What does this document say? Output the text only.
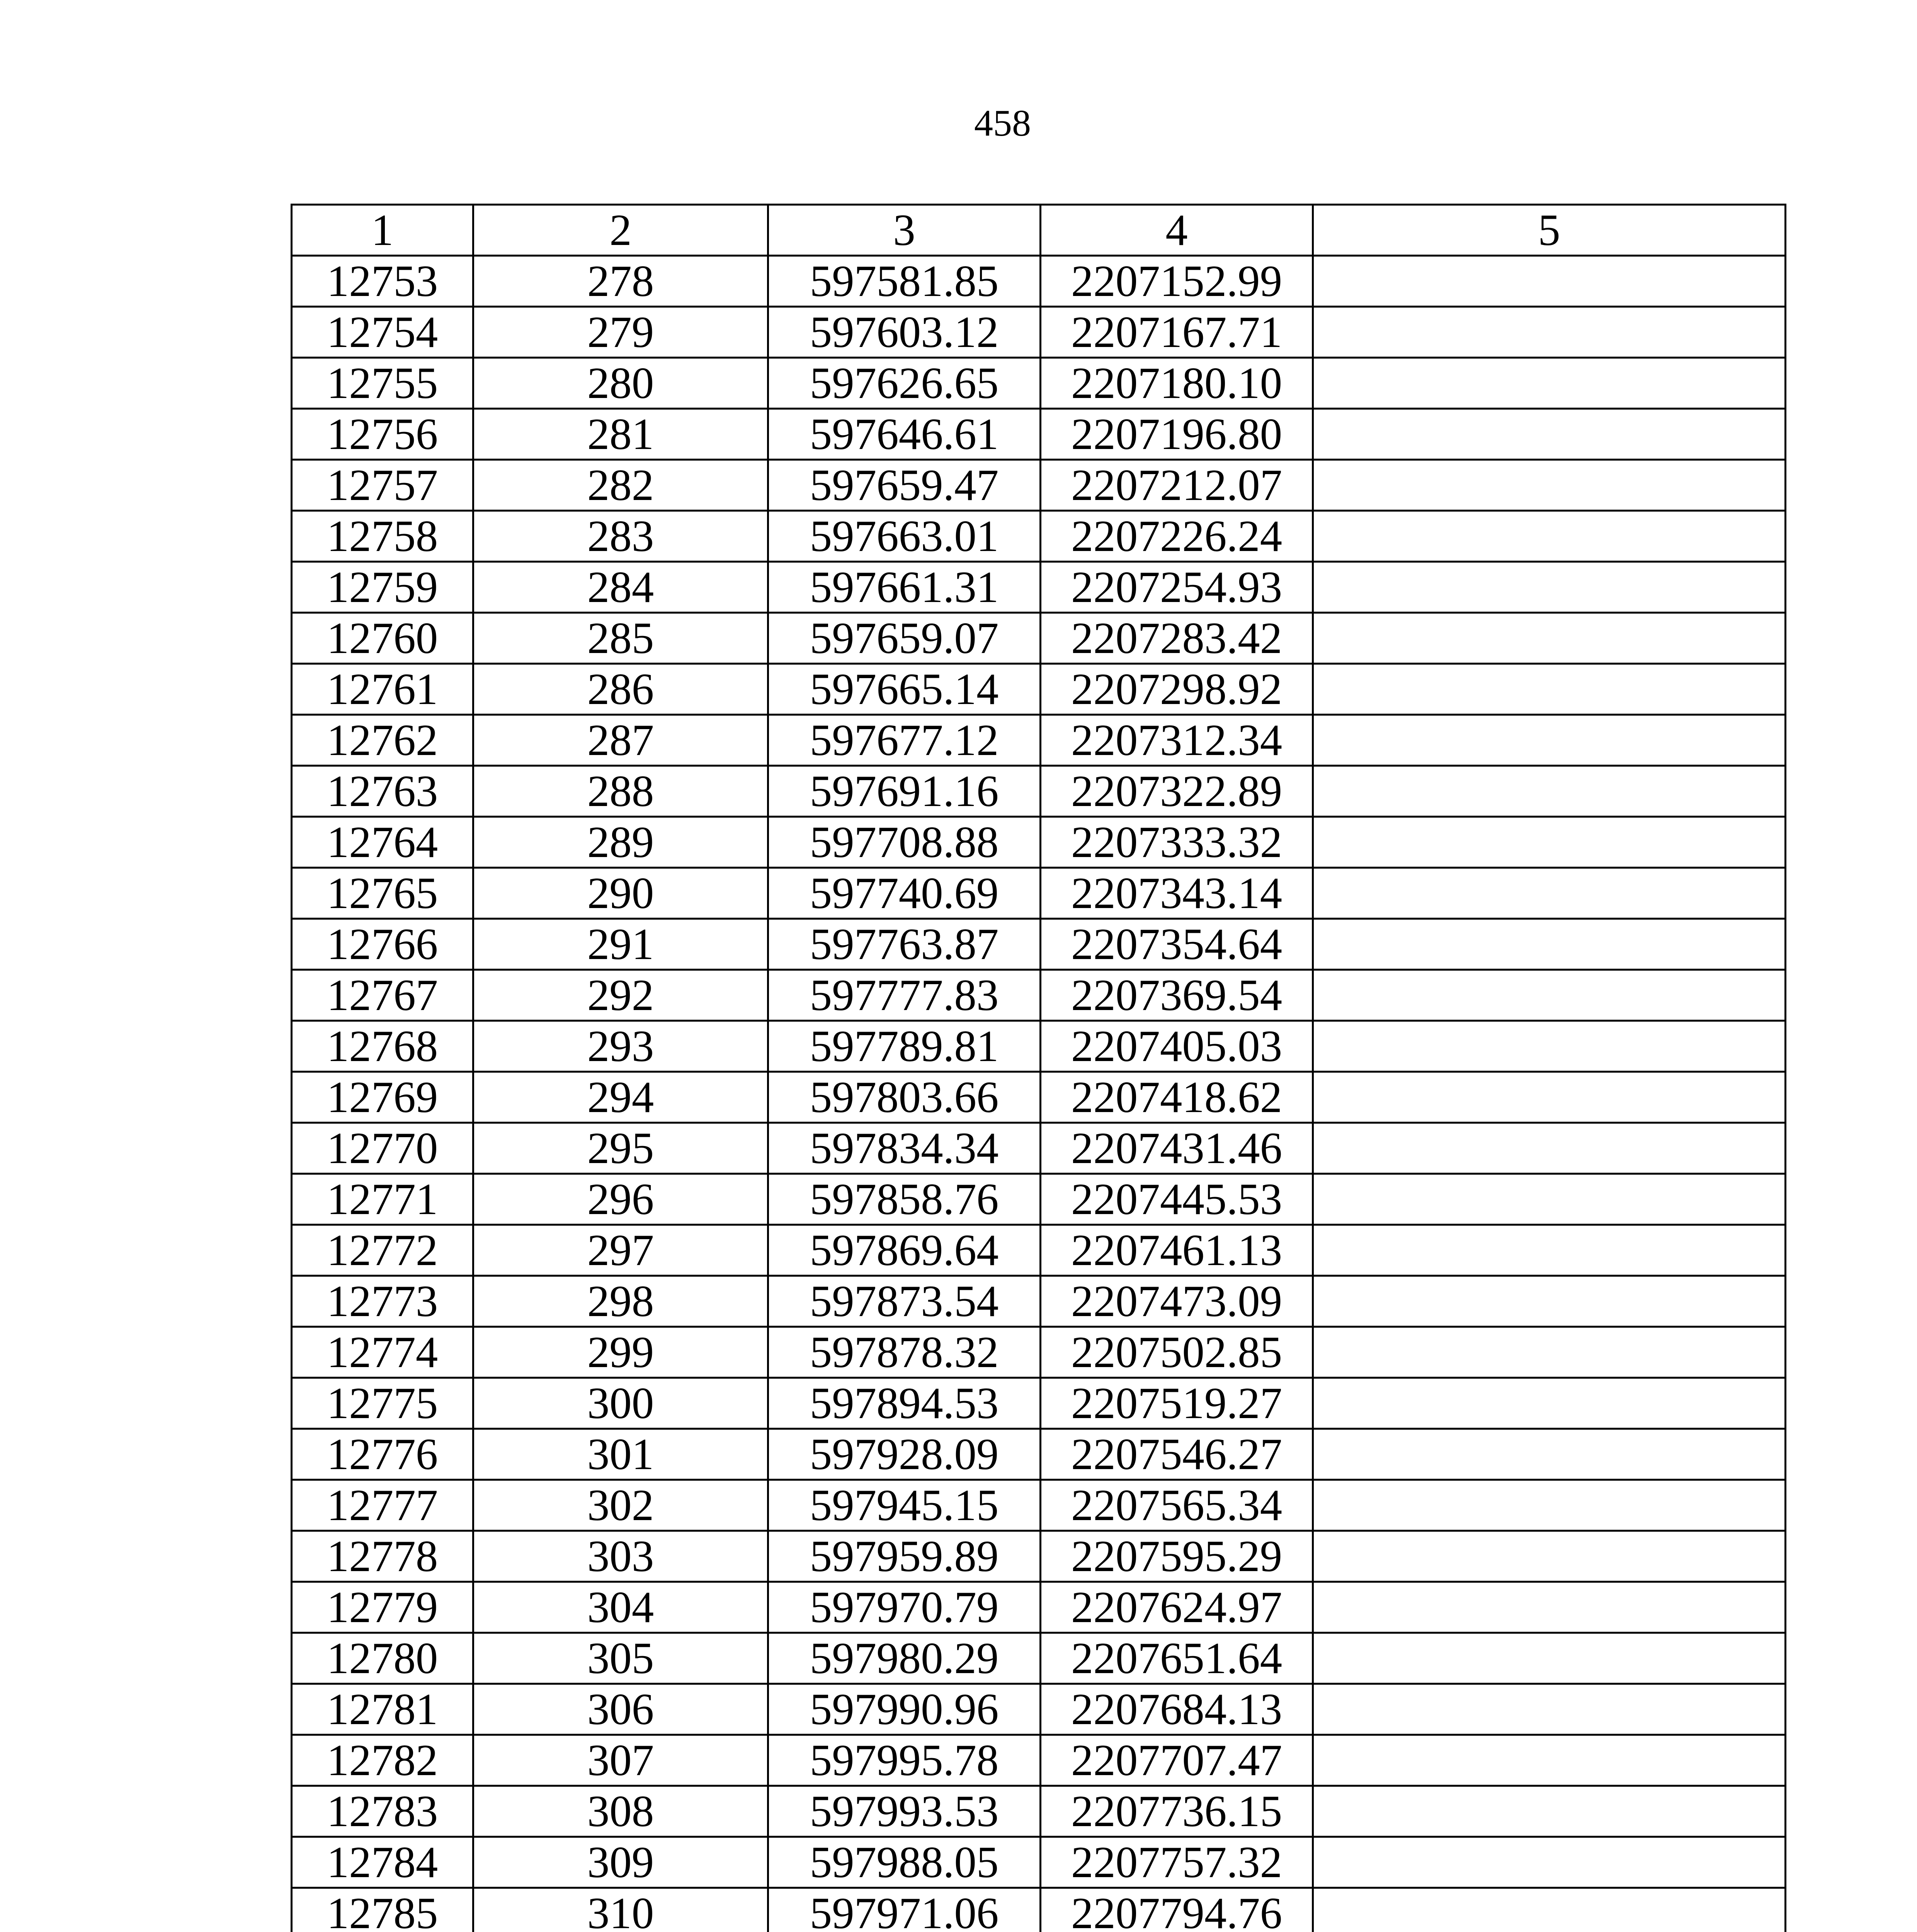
458
1	2	3	4	5
12753	278	597581.85	2207152.99	
12754	279	597603.12	2207167.71	
12755	280	597626.65	2207180.10	
12756	281	597646.61	2207196.80	
12757	282	597659.47	2207212.07	
12758	283	597663.01	2207226.24	
12759	284	597661.31	2207254.93	
12760	285	597659.07	2207283.42	
12761	286	597665.14	2207298.92	
12762	287	597677.12	2207312.34	
12763	288	597691.16	2207322.89	
12764	289	597708.88	2207333.32	
12765	290	597740.69	2207343.14	
12766	291	597763.87	2207354.64	
12767	292	597777.83	2207369.54	
12768	293	597789.81	2207405.03	
12769	294	597803.66	2207418.62	
12770	295	597834.34	2207431.46	
12771	296	597858.76	2207445.53	
12772	297	597869.64	2207461.13	
12773	298	597873.54	2207473.09	
12774	299	597878.32	2207502.85	
12775	300	597894.53	2207519.27	
12776	301	597928.09	2207546.27	
12777	302	597945.15	2207565.34	
12778	303	597959.89	2207595.29	
12779	304	597970.79	2207624.97	
12780	305	597980.29	2207651.64	
12781	306	597990.96	2207684.13	
12782	307	597995.78	2207707.47	
12783	308	597993.53	2207736.15	
12784	309	597988.05	2207757.32	
12785	310	597971.06	2207794.76	
